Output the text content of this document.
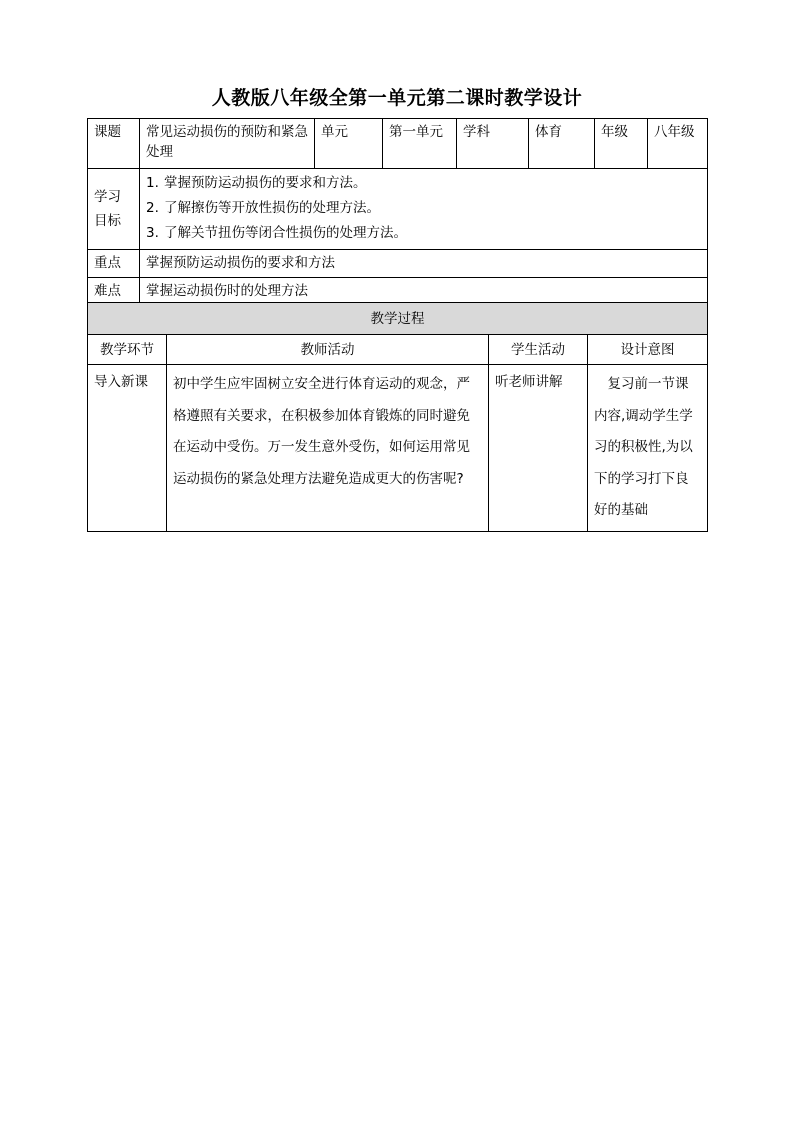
人教版八年级全第一单元第二课时教学设计
课题	常见运动损伤的预防和紧急处理	单元	第一单元	学科	体育	年级	八年级
学习目标	1. 掌握预防运动损伤的要求和方法。
2. 了解擦伤等开放性损伤的处理方法。
3. 了解关节扭伤等闭合性损伤的处理方法。						

重点	掌握预防运动损伤的要求和方法						
难点	掌握运动损伤时的处理方法						
教学过程			
教学环节	教师活动	学生活动	设计意图
导入新课	初中学生应牢固树立安全进行体育运动的观念，严格遵照有关要求，在积极参加体育锻炼的同时避免在运动中受伤。万一发生意外受伤，如何运用常见运动损伤的紧急处理方法避免造成更大的伤害呢?	听老师讲解	复习前一节课内容,调动学生学习的积极性,为以下的学习打下良好的基础
